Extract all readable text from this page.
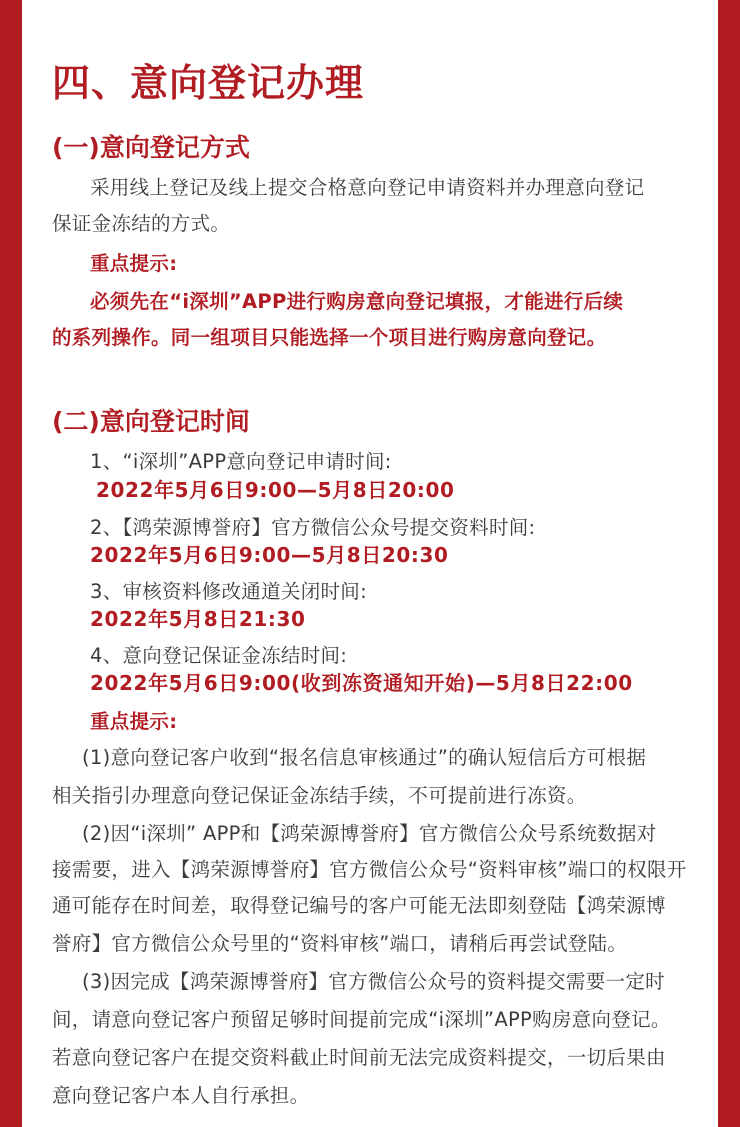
四、意向登记办理
(一)意向登记方式
采用线上登记及线上提交合格意向登记申请资料并办理意向登记
保证金冻结的方式。
重点提示:
必须先在“i深圳”APP进行购房意向登记填报，才能进行后续
的系列操作。同一组项目只能选择一个项目进行购房意向登记。
(二)意向登记时间
1、“i深圳”APP意向登记申请时间:
2022年5月6日9:00—5月8日20:00
2、【鸿荣源博誉府】官方微信公众号提交资料时间:
2022年5月6日9:00—5月8日20:30
3、审核资料修改通道关闭时间:
2022年5月8日21:30
4、意向登记保证金冻结时间:
2022年5月6日9:00(收到冻资通知开始)—5月8日22:00
重点提示:
(1)意向登记客户收到“报名信息审核通过”的确认短信后方可根据
相关指引办理意向登记保证金冻结手续，不可提前进行冻资。
(2)因“i深圳” APP和【鸿荣源博誉府】官方微信公众号系统数据对
接需要，进入【鸿荣源博誉府】官方微信公众号“资料审核”端口的权限开
通可能存在时间差，取得登记编号的客户可能无法即刻登陆【鸿荣源博
誉府】官方微信公众号里的“资料审核”端口，请稍后再尝试登陆。
(3)因完成【鸿荣源博誉府】官方微信公众号的资料提交需要一定时
间，请意向登记客户预留足够时间提前完成“i深圳”APP购房意向登记。
若意向登记客户在提交资料截止时间前无法完成资料提交，一切后果由
意向登记客户本人自行承担。
